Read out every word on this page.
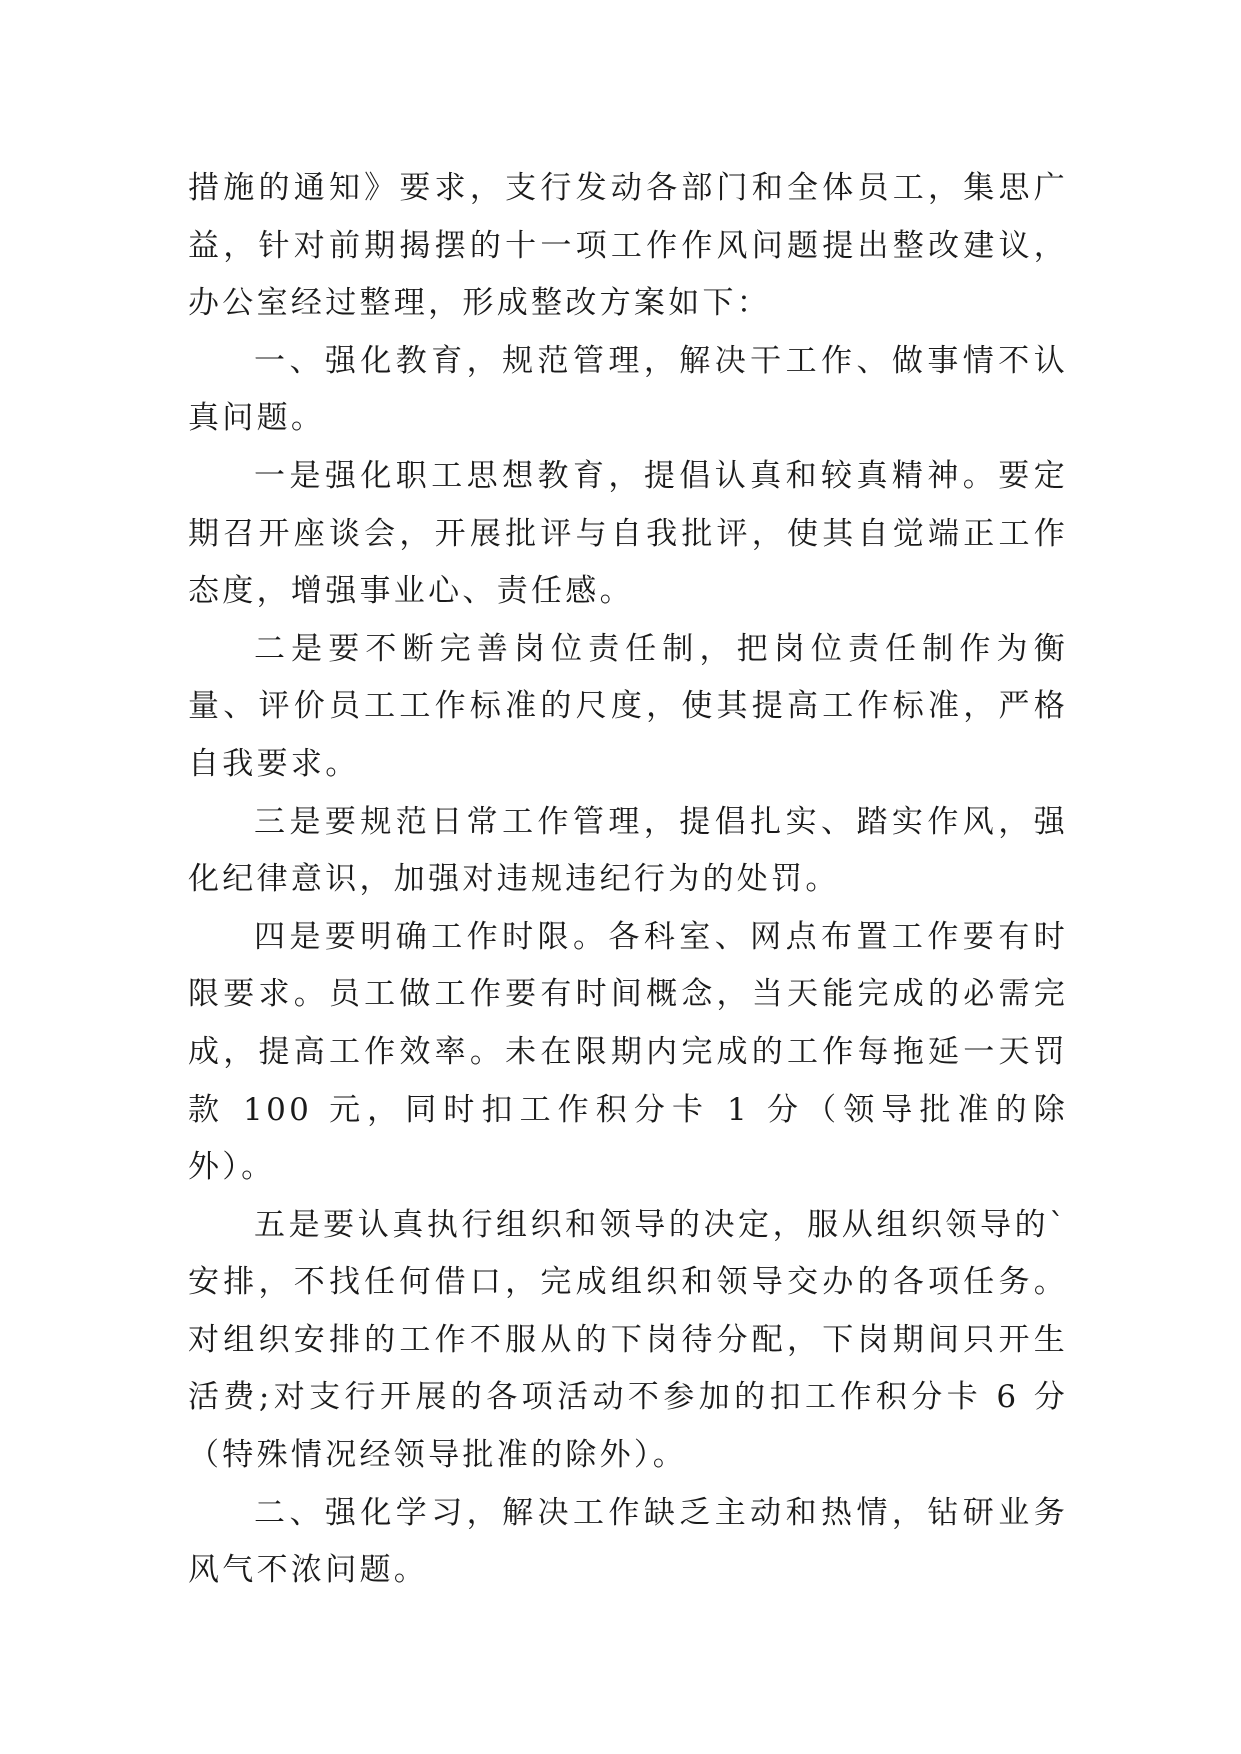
措施的通知》要求，支行发动各部门和全体员工，集思广益，针对前期揭摆的十一项工作作风问题提出整改建议，办公室经过整理，形成整改方案如下：

一、强化教育，规范管理，解决干工作、做事情不认真问题。

一是强化职工思想教育，提倡认真和较真精神。要定期召开座谈会，开展批评与自我批评，使其自觉端正工作态度，增强事业心、责任感。

二是要不断完善岗位责任制，把岗位责任制作为衡量、评价员工工作标准的尺度，使其提高工作标准，严格自我要求。

三是要规范日常工作管理，提倡扎实、踏实作风，强化纪律意识，加强对违规违纪行为的处罚。

四是要明确工作时限。各科室、网点布置工作要有时限要求。员工做工作要有时间概念，当天能完成的必需完成，提高工作效率。未在限期内完成的工作每拖延一天罚款 100 元，同时扣工作积分卡 1 分（领导批准的除外）。

五是要认真执行组织和领导的决定，服从组织领导的`安排，不找任何借口，完成组织和领导交办的各项任务。对组织安排的工作不服从的下岗待分配，下岗期间只开生活费;对支行开展的各项活动不参加的扣工作积分卡 6 分（特殊情况经领导批准的除外）。

二、强化学习，解决工作缺乏主动和热情，钻研业务风气不浓问题。
